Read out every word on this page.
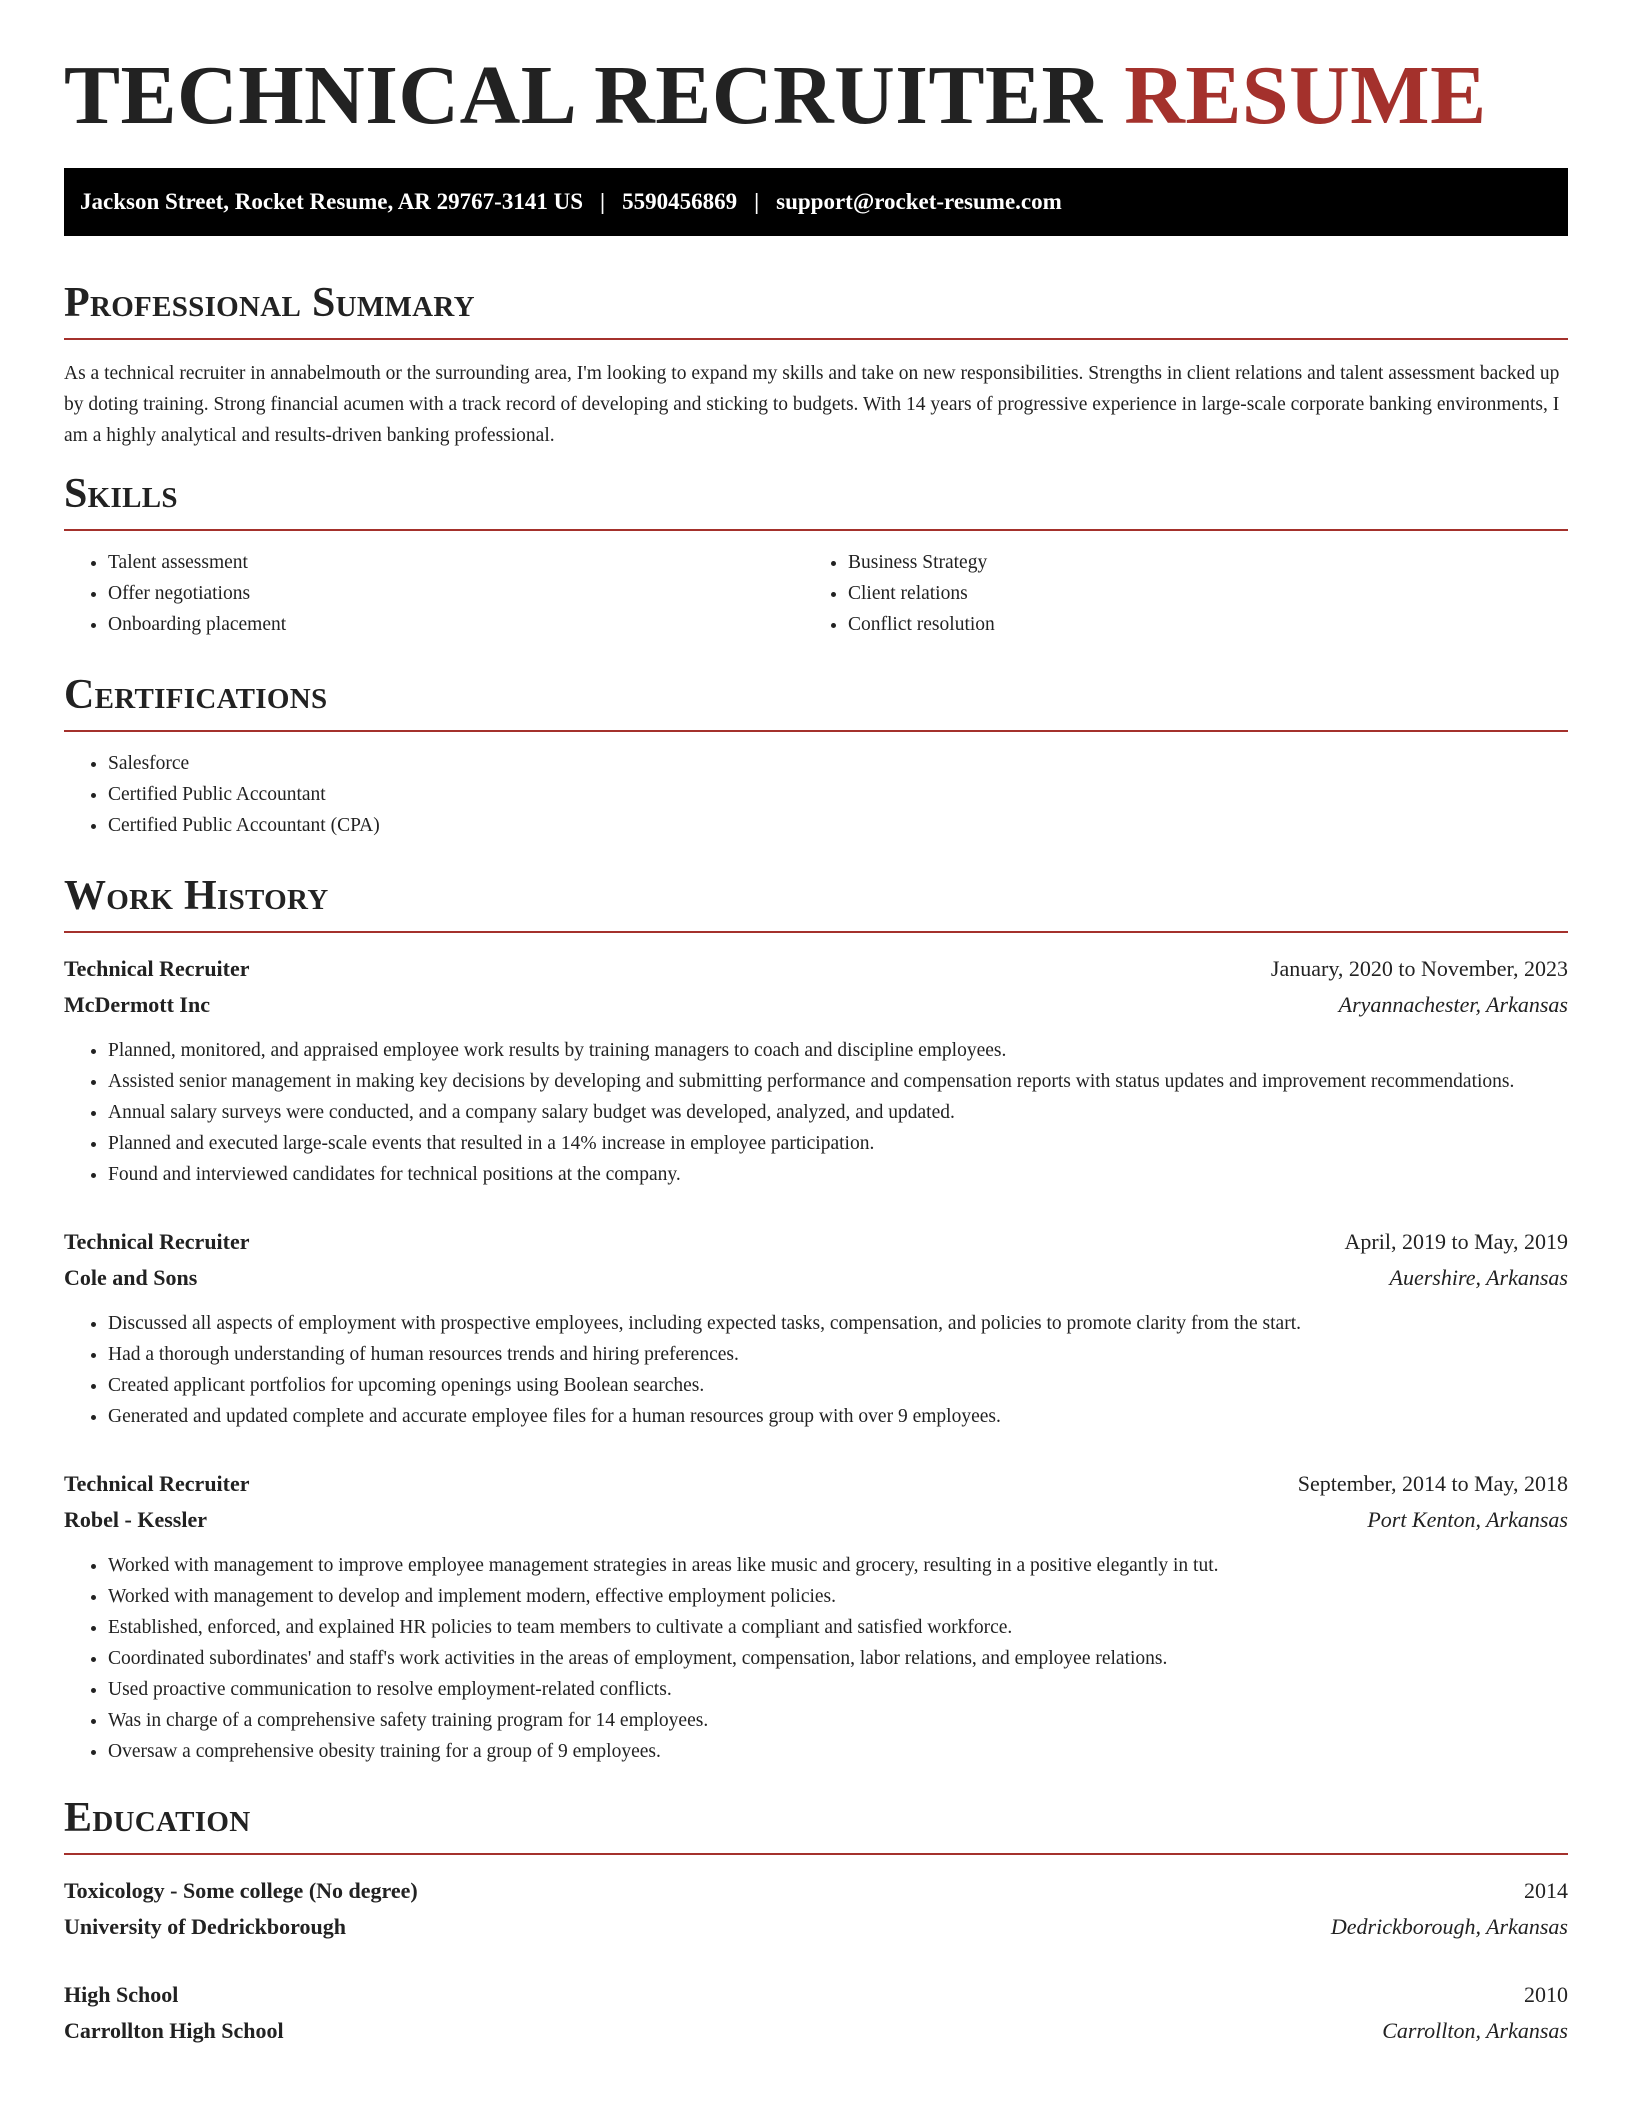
TECHNICAL RECRUITER RESUME
Jackson Street, Rocket Resume, AR 29767-3141 US | 5590456869 | support@rocket-resume.com
Professional Summary

As a technical recruiter in annabelmouth or the surrounding area, I'm looking to expand my skills and take on new responsibilities. Strengths in client relations and talent assessment backed up by doting training. Strong financial acumen with a track record of developing and sticking to budgets. With 14 years of progressive experience in large-scale corporate banking environments, I am a highly analytical and results-driven banking professional.

Skills
• Talent assessment
• Offer negotiations
• Onboarding placement
• Business Strategy
• Client relations
• Conflict resolution
Certifications
• Salesforce
• Certified Public Accountant
• Certified Public Accountant (CPA)
Work History
Technical Recruiter	January, 2020 to November, 2023
McDermott Inc	Aryannachester, Arkansas
• Planned, monitored, and appraised employee work results by training managers to coach and discipline employees.
• Assisted senior management in making key decisions by developing and submitting performance and compensation reports with status updates and improvement recommendations.
• Annual salary surveys were conducted, and a company salary budget was developed, analyzed, and updated.
• Planned and executed large-scale events that resulted in a 14% increase in employee participation.
• Found and interviewed candidates for technical positions at the company.
Technical Recruiter	April, 2019 to May, 2019
Cole and Sons	Auershire, Arkansas
• Discussed all aspects of employment with prospective employees, including expected tasks, compensation, and policies to promote clarity from the start.
• Had a thorough understanding of human resources trends and hiring preferences.
• Created applicant portfolios for upcoming openings using Boolean searches.
• Generated and updated complete and accurate employee files for a human resources group with over 9 employees.
Technical Recruiter	September, 2014 to May, 2018
Robel - Kessler	Port Kenton, Arkansas
• Worked with management to improve employee management strategies in areas like music and grocery, resulting in a positive elegantly in tut.
• Worked with management to develop and implement modern, effective employment policies.
• Established, enforced, and explained HR policies to team members to cultivate a compliant and satisfied workforce.
• Coordinated subordinates' and staff's work activities in the areas of employment, compensation, labor relations, and employee relations.
• Used proactive communication to resolve employment-related conflicts.
• Was in charge of a comprehensive safety training program for 14 employees.
• Oversaw a comprehensive obesity training for a group of 9 employees.
Education
Toxicology - Some college (No degree)	2014
University of Dedrickborough	Dedrickborough, Arkansas
High School	2010
Carrollton High School	Carrollton, Arkansas
